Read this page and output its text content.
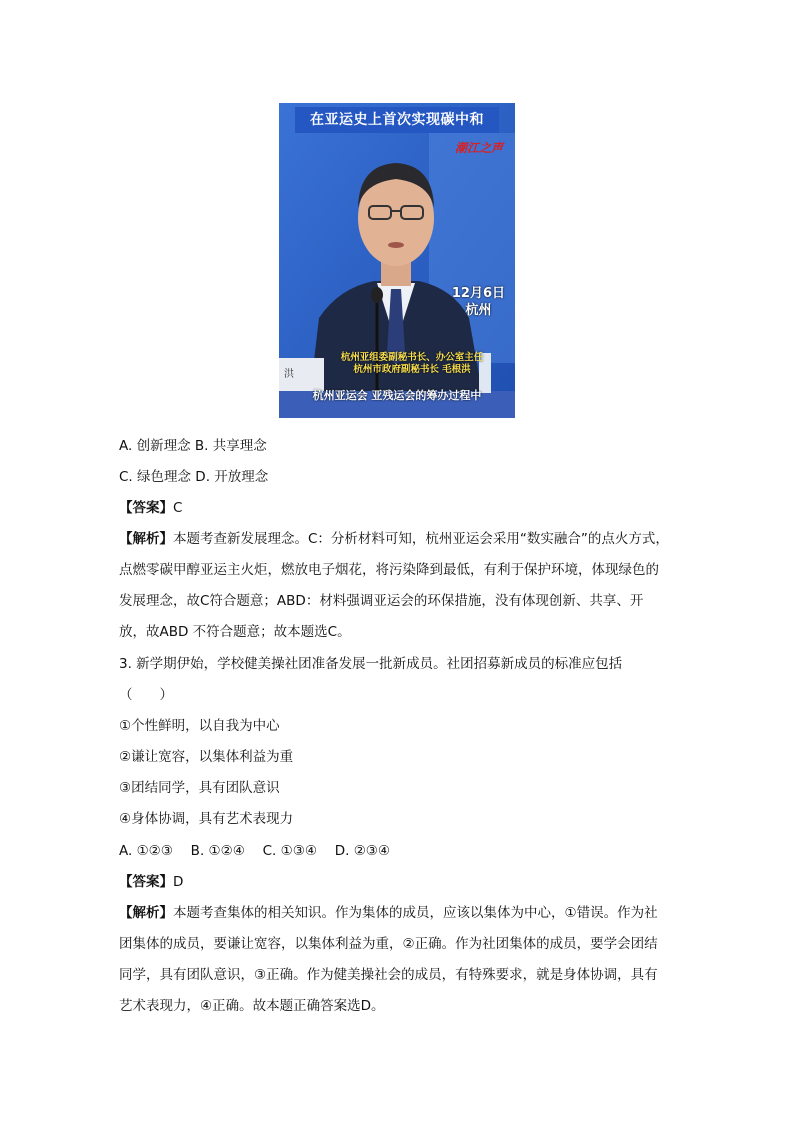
在亚运史上首次实现碳中和
潮江之声
12月6日
杭州
洪
杭州亚组委副秘书长、办公室主任
杭州市政府副秘书长 毛根洪
杭州亚运会 亚残运会的筹办过程中
A. 创新理念 B. 共享理念
C. 绿色理念 D. 开放理念
【答案】C
【解析】本题考查新发展理念。C：分析材料可知，杭州亚运会采用“数实融合”的点火方式，
点燃零碳甲醇亚运主火炬，燃放电子烟花，将污染降到最低，有利于保护环境，体现绿色的
发展理念，故C符合题意；ABD：材料强调亚运会的环保措施，没有体现创新、共享、开
放，故ABD 不符合题意；故本题选C。
3. 新学期伊始，学校健美操社团准备发展一批新成员。社团招募新成员的标准应包括
（　　）
①个性鲜明，以自我为中心
②谦让宽容，以集体利益为重
③团结同学，具有团队意识
④身体协调，具有艺术表现力
A. ①②③　 B. ①②④　 C. ①③④　 D. ②③④
【答案】D
【解析】本题考查集体的相关知识。作为集体的成员，应该以集体为中心，①错误。作为社
团集体的成员，要谦让宽容，以集体利益为重，②正确。作为社团集体的成员，要学会团结
同学，具有团队意识，③正确。作为健美操社会的成员，有特殊要求，就是身体协调，具有
艺术表现力，④正确。故本题正确答案选D。
